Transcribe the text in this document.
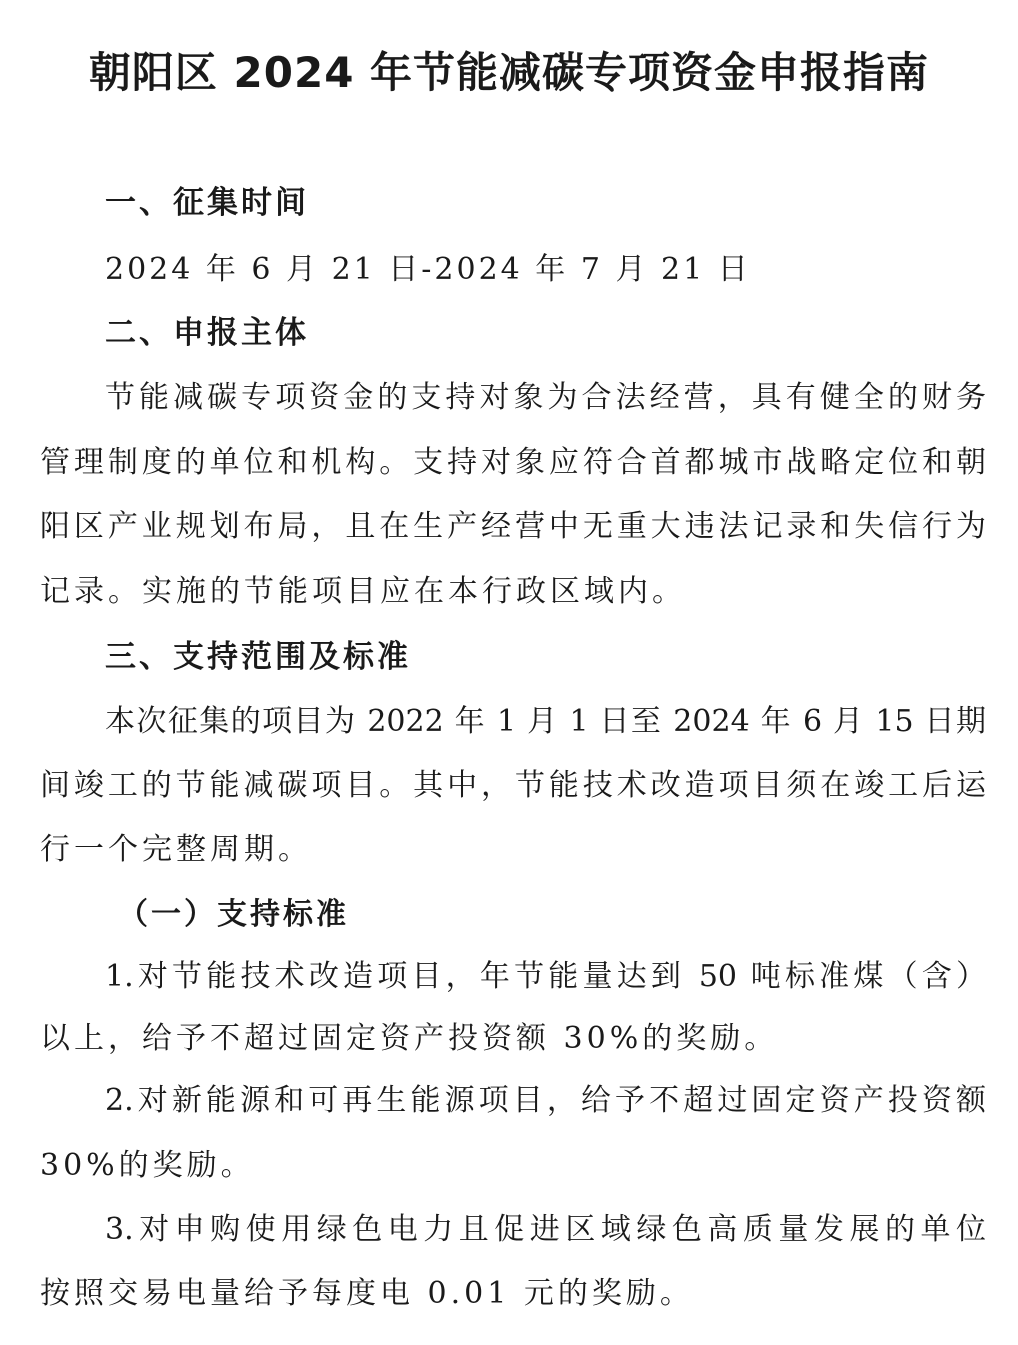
朝阳区 2024 年节能减碳专项资金申报指南
一、征集时间

2024 年 6 月 21 日-2024 年 7 月 21 日

二、申报主体

节能减碳专项资金的支持对象为合法经营，具有健全的财务

管理制度的单位和机构。支持对象应符合首都城市战略定位和朝

阳区产业规划布局，且在生产经营中无重大违法记录和失信行为

记录。实施的节能项目应在本行政区域内。

三、支持范围及标准

本次征集的项目为 2022 年 1 月 1 日至 2024 年 6 月 15 日期

间竣工的节能减碳项目。其中，节能技术改造项目须在竣工后运

行一个完整周期。

（一）支持标准

1.对节能技术改造项目，年节能量达到 50 吨标准煤（含）

以上，给予不超过固定资产投资额 30%的奖励。

2.对新能源和可再生能源项目，给予不超过固定资产投资额

30%的奖励。

3.对申购使用绿色电力且促进区域绿色高质量发展的单位

按照交易电量给予每度电 0.01 元的奖励。
